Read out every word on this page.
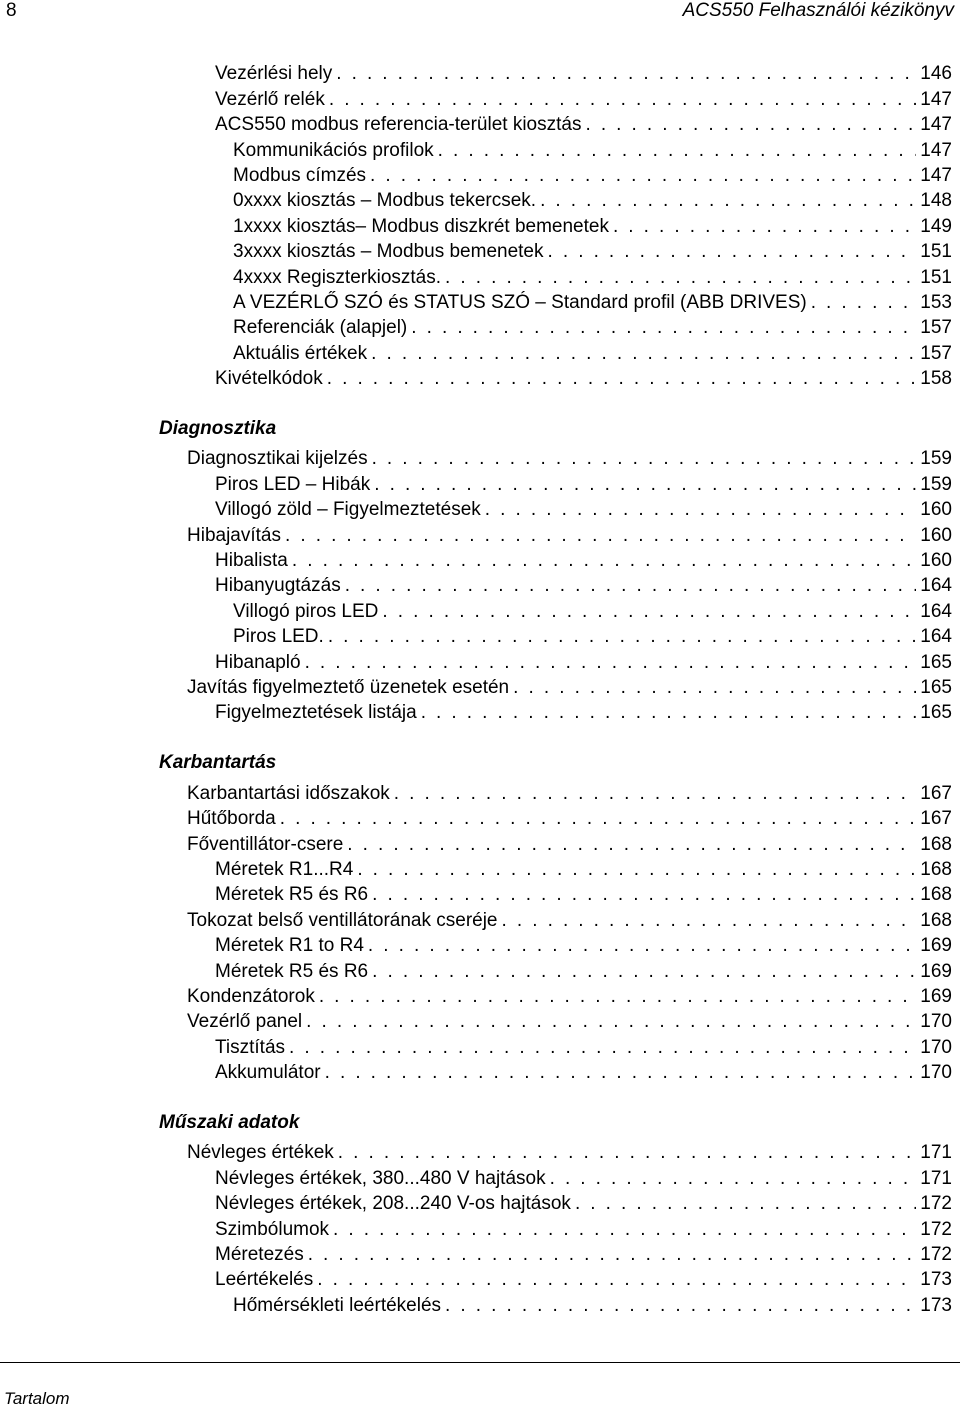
8	ACS550 Felhasználói kézikönyv
Vezérlési hely . . .	146
Vezérlő relék . . .	147
ACS550 modbus referencia-terület kiosztás . . .	147
Kommunikációs profilok . . .	147
Modbus címzés . . .	147
0xxxx kiosztás – Modbus tekercsek. . . .	148
1xxxx kiosztás– Modbus diszkrét bemenetek . . .	149
3xxxx kiosztás – Modbus bemenetek . . .	151
4xxxx Regiszterkiosztás. . . .	151
A VEZÉRLŐ SZÓ és STATUS SZÓ – Standard profil (ABB DRIVES) . . .	153
Referenciák (alapjel) . . .	157
Aktuális értékek . . .	157
Kivételkódok . . .	158
Diagnosztika
Diagnosztikai kijelzés . . .	159
Piros LED – Hibák . . .	159
Villogó zöld – Figyelmeztetések . . .	160
Hibajavítás . . .	160
Hibalista . . .	160
Hibanyugtázás . . .	164
Villogó piros LED . . .	164
Piros LED. . . .	164
Hibanapló . . .	165
Javítás figyelmeztető üzenetek esetén . . .	165
Figyelmeztetések listája . . .	165
Karbantartás
Karbantartási időszakok . . .	167
Hűtőborda . . .	167
Főventillátor-csere . . .	168
Méretek R1...R4 . . .	168
Méretek R5 és R6 . . .	168
Tokozat belső ventillátorának cseréje . . .	168
Méretek R1 to R4 . . .	169
Méretek R5 és R6 . . .	169
Kondenzátorok . . .	169
Vezérlő panel . . .	170
Tisztítás . . .	170
Akkumulátor . . .	170
Műszaki adatok
Névleges értékek . . .	171
Névleges értékek, 380...480 V hajtások . . .	171
Névleges értékek, 208...240 V-os hajtások . . .	172
Szimbólumok . . .	172
Méretezés . . .	172
Leértékelés . . .	173
Hőmérsékleti leértékelés . . .	173
Tartalom
